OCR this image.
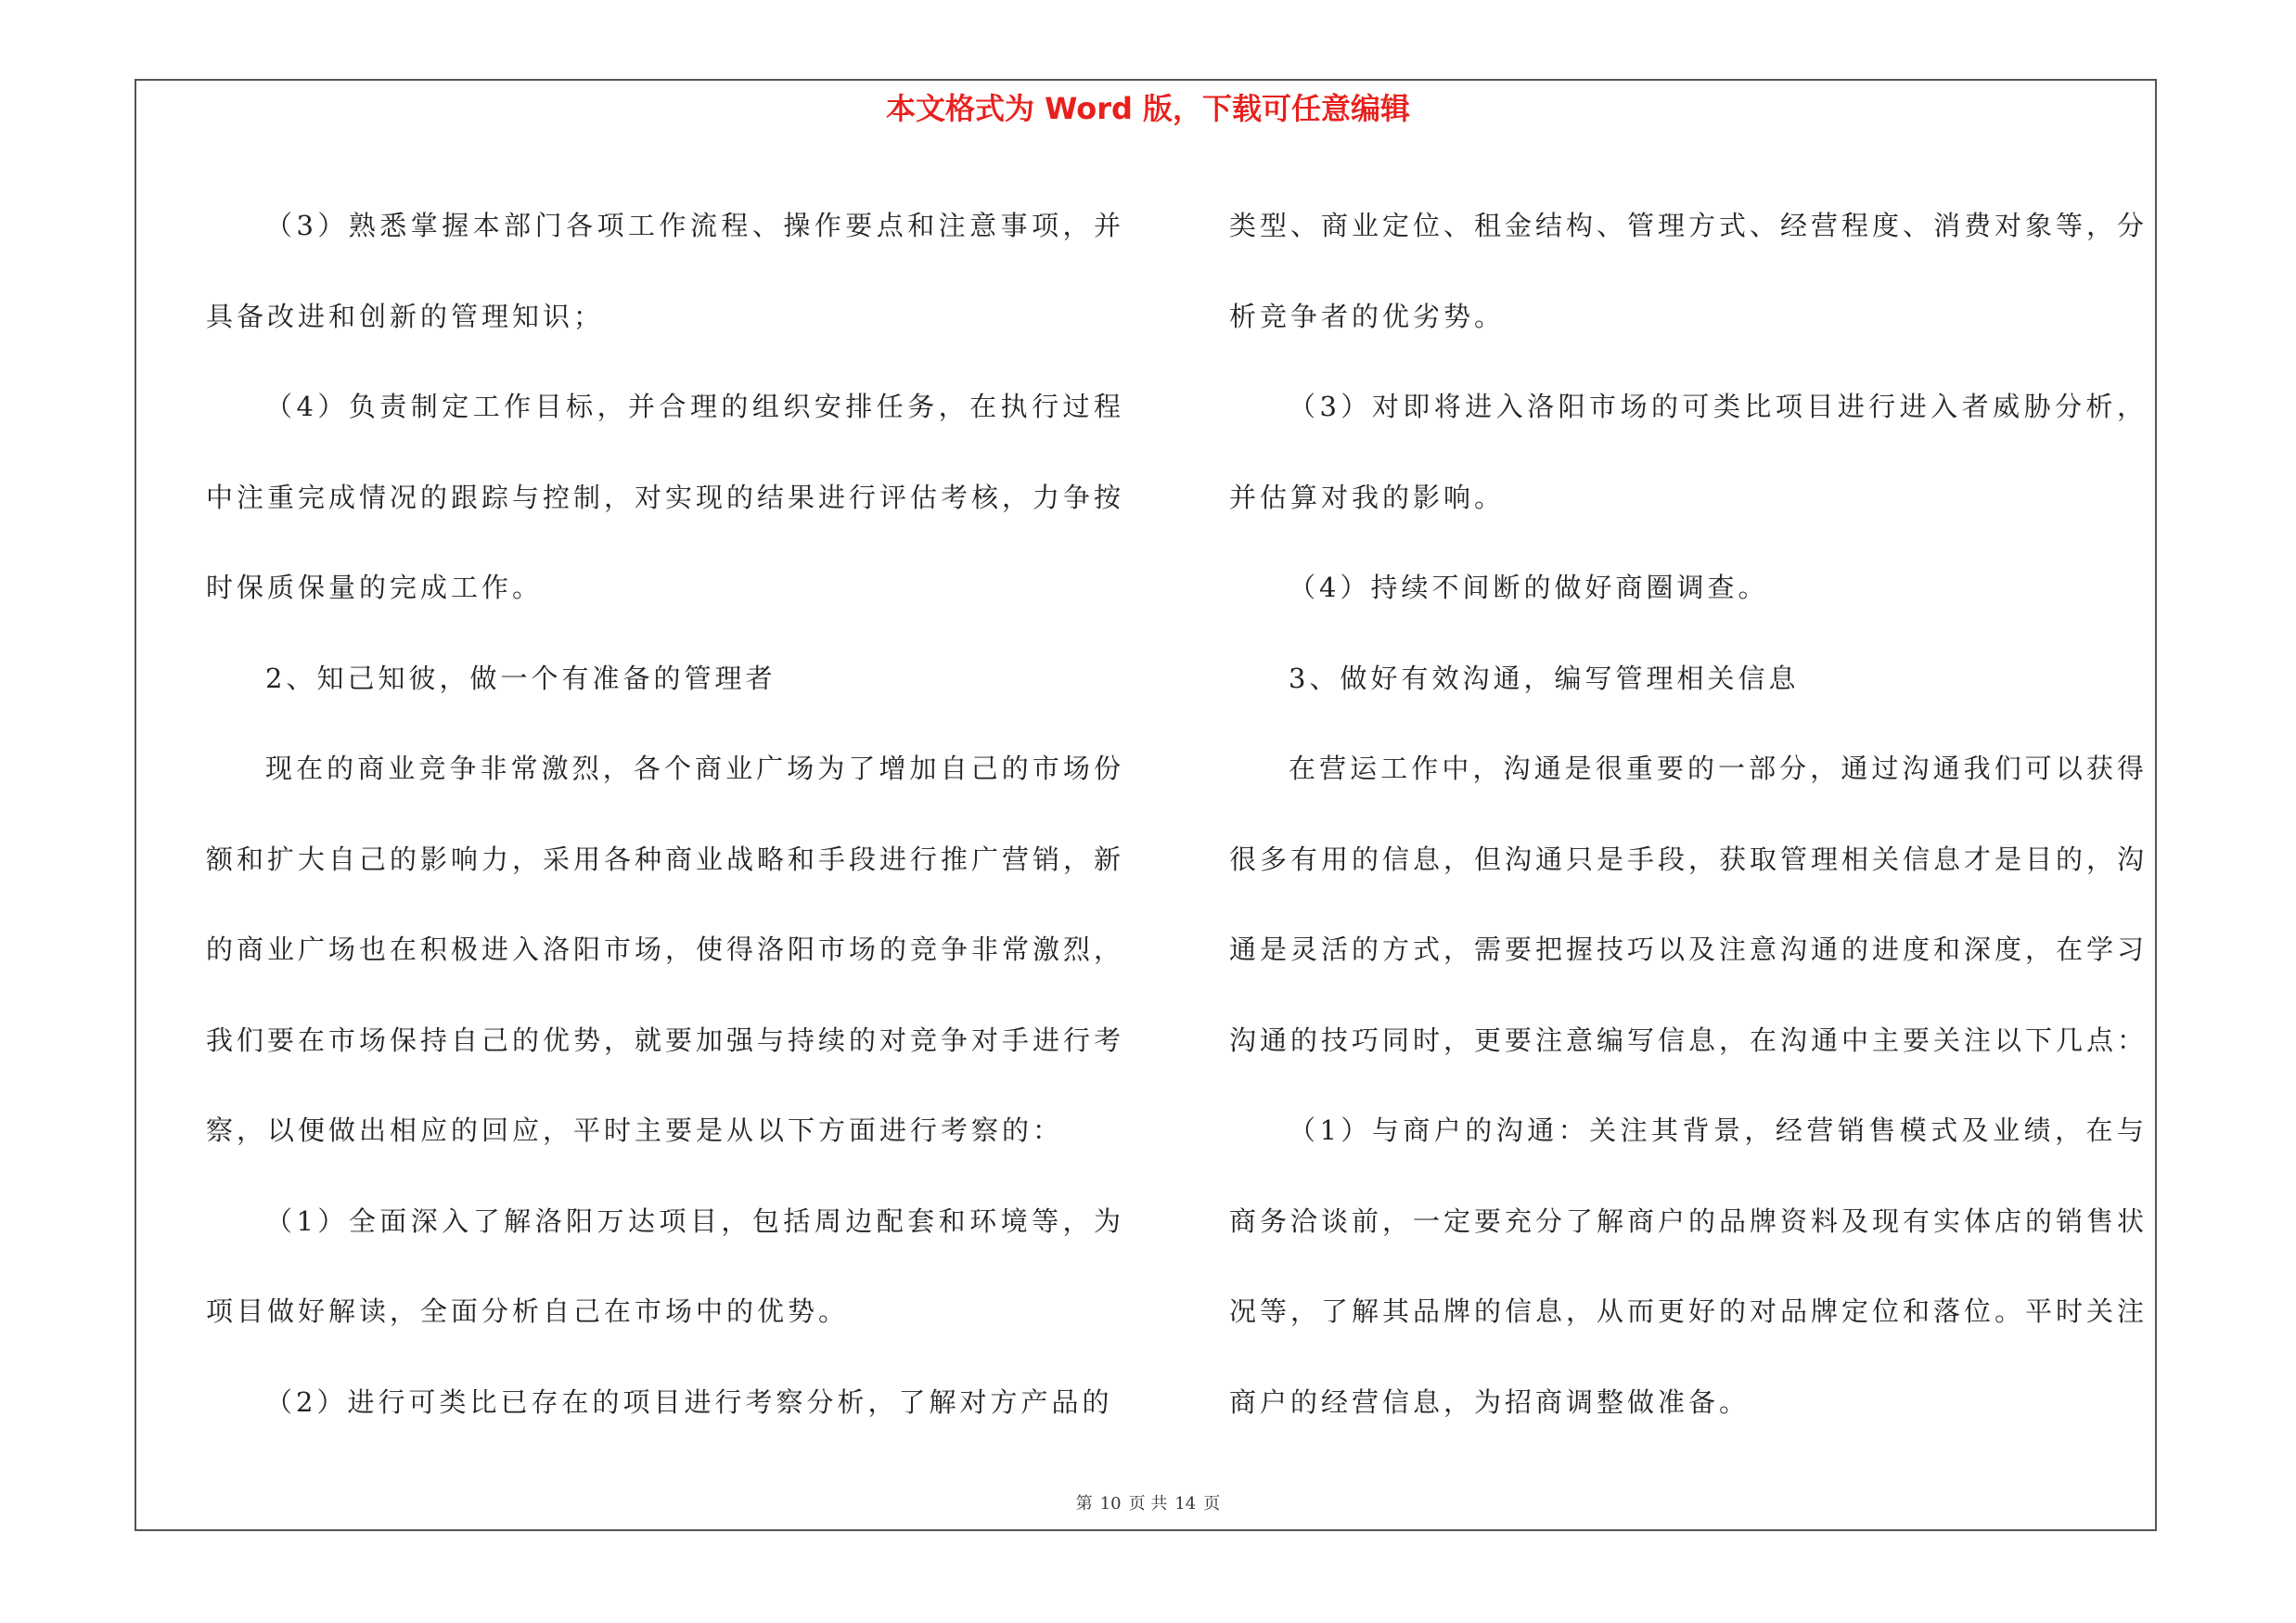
本文格式为 Word 版，下载可任意编辑

（3）熟悉掌握本部门各项工作流程、操作要点和注意事项，并具备改进和创新的管理知识；

（4）负责制定工作目标，并合理的组织安排任务，在执行过程中注重完成情况的跟踪与控制，对实现的结果进行评估考核，力争按时保质保量的完成工作。

2、知己知彼，做一个有准备的管理者

现在的商业竞争非常激烈，各个商业广场为了增加自己的市场份额和扩大自己的影响力，采用各种商业战略和手段进行推广营销，新的商业广场也在积极进入洛阳市场，使得洛阳市场的竞争非常激烈，我们要在市场保持自己的优势，就要加强与持续的对竞争对手进行考察，以便做出相应的回应，平时主要是从以下方面进行考察的：

（1）全面深入了解洛阳万达项目，包括周边配套和环境等，为项目做好解读，全面分析自己在市场中的优势。

（2）进行可类比已存在的项目进行考察分析，了解对方产品的

类型、商业定位、租金结构、管理方式、经营程度、消费对象等，分析竞争者的优劣势。

（3）对即将进入洛阳市场的可类比项目进行进入者威胁分析，并估算对我的影响。

（4）持续不间断的做好商圈调查。

3、做好有效沟通，编写管理相关信息

在营运工作中，沟通是很重要的一部分，通过沟通我们可以获得很多有用的信息，但沟通只是手段，获取管理相关信息才是目的，沟通是灵活的方式，需要把握技巧以及注意沟通的进度和深度，在学习沟通的技巧同时，更要注意编写信息，在沟通中主要关注以下几点：

（1）与商户的沟通：关注其背景，经营销售模式及业绩，在与商务洽谈前，一定要充分了解商户的品牌资料及现有实体店的销售状况等，了解其品牌的信息，从而更好的对品牌定位和落位。平时关注商户的经营信息，为招商调整做准备。

第 10 页 共 14 页
